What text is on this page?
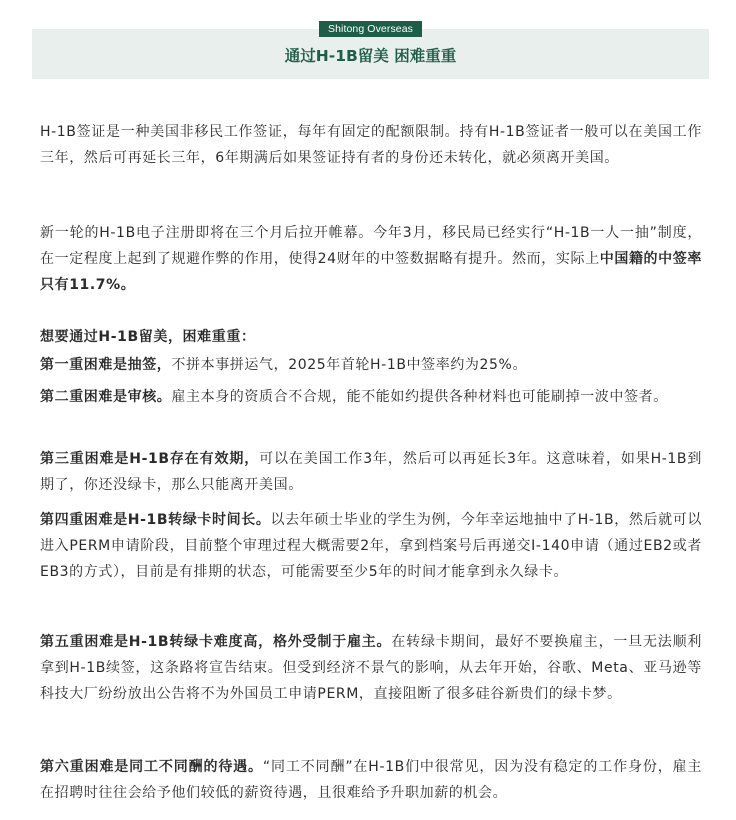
Shitong Overseas
通过H-1B留美 困难重重

H-1B签证是一种美国非移民工作签证，每年有固定的配额限制。持有H-1B签证者一般可以在美国工作三年，然后可再延长三年，6年期满后如果签证持有者的身份还未转化，就必须离开美国。

新一轮的H-1B电子注册即将在三个月后拉开帷幕。今年3月，移民局已经实行“H-1B一人一抽”制度，在一定程度上起到了规避作弊的作用，使得24财年的中签数据略有提升。然而，实际上中国籍的中签率只有11.7%。

想要通过H-1B留美，困难重重：

第一重困难是抽签，不拼本事拼运气，2025年首轮H-1B中签率约为25%。

第二重困难是审核。雇主本身的资质合不合规，能不能如约提供各种材料也可能刷掉一波中签者。

第三重困难是H-1B存在有效期，可以在美国工作3年，然后可以再延长3年。这意味着，如果H-1B到期了，你还没绿卡，那么只能离开美国。

第四重困难是H-1B转绿卡时间长。以去年硕士毕业的学生为例，今年幸运地抽中了H-1B，然后就可以进入PERM申请阶段，目前整个审理过程大概需要2年，拿到档案号后再递交I-140申请（通过EB2或者EB3的方式），目前是有排期的状态，可能需要至少5年的时间才能拿到永久绿卡。

第五重困难是H-1B转绿卡难度高，格外受制于雇主。在转绿卡期间，最好不要换雇主，一旦无法顺利拿到H-1B续签，这条路将宣告结束。但受到经济不景气的影响，从去年开始，谷歌、Meta、亚马逊等科技大厂纷纷放出公告将不为外国员工申请PERM，直接阻断了很多硅谷新贵们的绿卡梦。

第六重困难是同工不同酬的待遇。“同工不同酬”在H-1B们中很常见，因为没有稳定的工作身份，雇主在招聘时往往会给予他们较低的薪资待遇，且很难给予升职加薪的机会。
